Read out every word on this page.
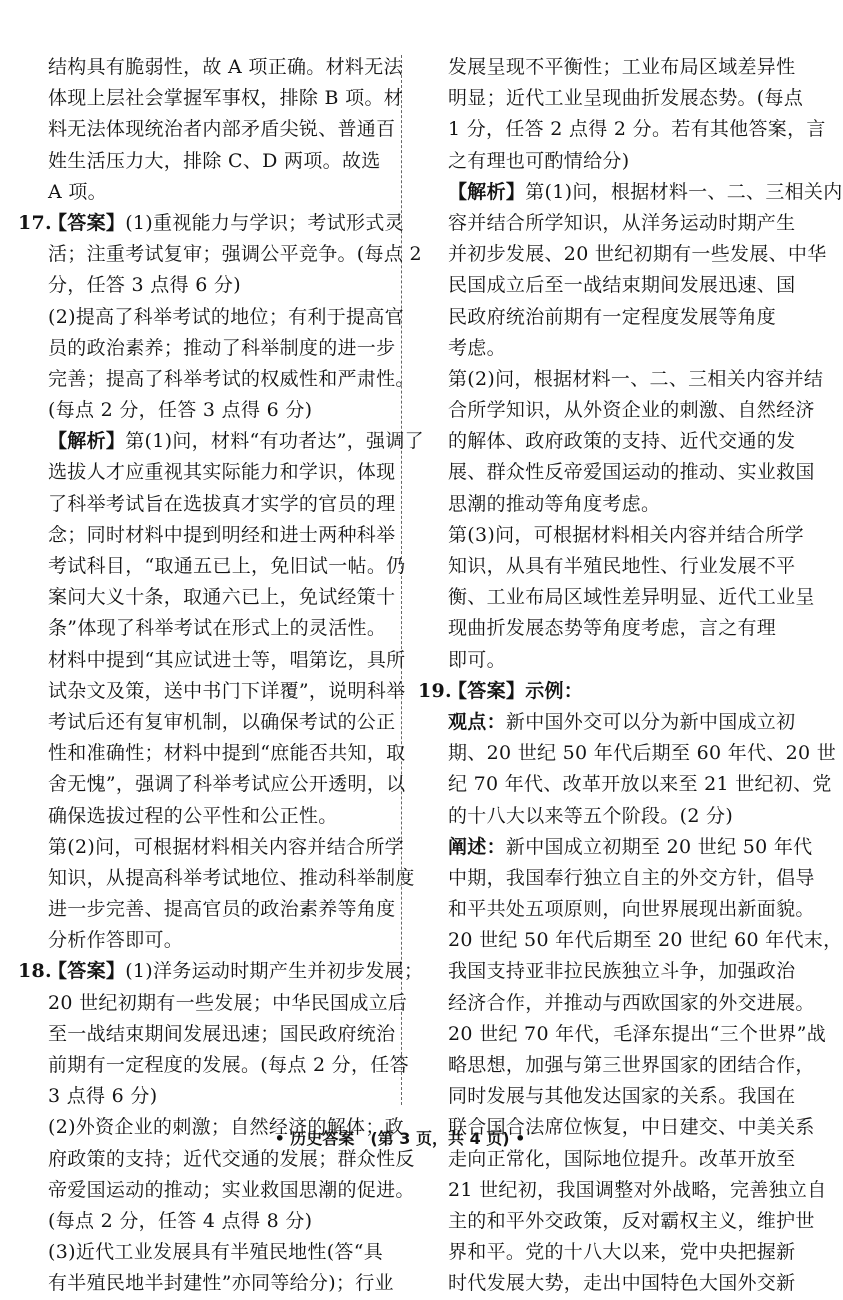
结构具有脆弱性，故 A 项正确。材料无法
体现上层社会掌握军事权，排除 B 项。材
料无法体现统治者内部矛盾尖锐、普通百
姓生活压力大，排除 C、D 两项。故选
A 项。
17.【答案】(1)重视能力与学识；考试形式灵
活；注重考试复审；强调公平竞争。(每点 2
分，任答 3 点得 6 分)
(2)提高了科举考试的地位；有利于提高官
员的政治素养；推动了科举制度的进一步
完善；提高了科举考试的权威性和严肃性。
(每点 2 分，任答 3 点得 6 分)
【解析】第(1)问，材料“有功者达”，强调了
选拔人才应重视其实际能力和学识，体现
了科举考试旨在选拔真才实学的官员的理
念；同时材料中提到明经和进士两种科举
考试科目，“取通五已上，免旧试一帖。仍
案问大义十条，取通六已上，免试经策十
条”体现了科举考试在形式上的灵活性。
材料中提到“其应试进士等，唱第讫，具所
试杂文及策，送中书门下详覆”，说明科举
考试后还有复审机制，以确保考试的公正
性和准确性；材料中提到“庶能否共知，取
舍无愧”，强调了科举考试应公开透明，以
确保选拔过程的公平性和公正性。
第(2)问，可根据材料相关内容并结合所学
知识，从提高科举考试地位、推动科举制度
进一步完善、提高官员的政治素养等角度
分析作答即可。
18.【答案】(1)洋务运动时期产生并初步发展；
20 世纪初期有一些发展；中华民国成立后
至一战结束期间发展迅速；国民政府统治
前期有一定程度的发展。(每点 2 分，任答
3 点得 6 分)
(2)外资企业的刺激；自然经济的解体；政
府政策的支持；近代交通的发展；群众性反
帝爱国运动的推动；实业救国思潮的促进。
(每点 2 分，任答 4 点得 8 分)
(3)近代工业发展具有半殖民地性(答“具
有半殖民地半封建性”亦同等给分)；行业
发展呈现不平衡性；工业布局区域差异性
明显；近代工业呈现曲折发展态势。(每点
1 分，任答 2 点得 2 分。若有其他答案，言
之有理也可酌情给分)
【解析】第(1)问，根据材料一、二、三相关内
容并结合所学知识，从洋务运动时期产生
并初步发展、20 世纪初期有一些发展、中华
民国成立后至一战结束期间发展迅速、国
民政府统治前期有一定程度发展等角度
考虑。
第(2)问，根据材料一、二、三相关内容并结
合所学知识，从外资企业的刺激、自然经济
的解体、政府政策的支持、近代交通的发
展、群众性反帝爱国运动的推动、实业救国
思潮的推动等角度考虑。
第(3)问，可根据材料相关内容并结合所学
知识，从具有半殖民地性、行业发展不平
衡、工业布局区域性差异明显、近代工业呈
现曲折发展态势等角度考虑，言之有理
即可。
19.【答案】示例：
观点：新中国外交可以分为新中国成立初
期、20 世纪 50 年代后期至 60 年代、20 世
纪 70 年代、改革开放以来至 21 世纪初、党
的十八大以来等五个阶段。(2 分)
阐述：新中国成立初期至 20 世纪 50 年代
中期，我国奉行独立自主的外交方针，倡导
和平共处五项原则，向世界展现出新面貌。
20 世纪 50 年代后期至 20 世纪 60 年代末，
我国支持亚非拉民族独立斗争，加强政治
经济合作，并推动与西欧国家的外交进展。
20 世纪 70 年代，毛泽东提出“三个世界”战
略思想，加强与第三世界国家的团结合作，
同时发展与其他发达国家的关系。我国在
联合国合法席位恢复，中日建交、中美关系
走向正常化，国际地位提升。改革开放至
21 世纪初，我国调整对外战略，完善独立自
主的和平外交政策，反对霸权主义，维护世
界和平。党的十八大以来，党中央把握新
时代发展大势，走出中国特色大国外交新
• 历史答案　(第 3 页，共 4 页) •
